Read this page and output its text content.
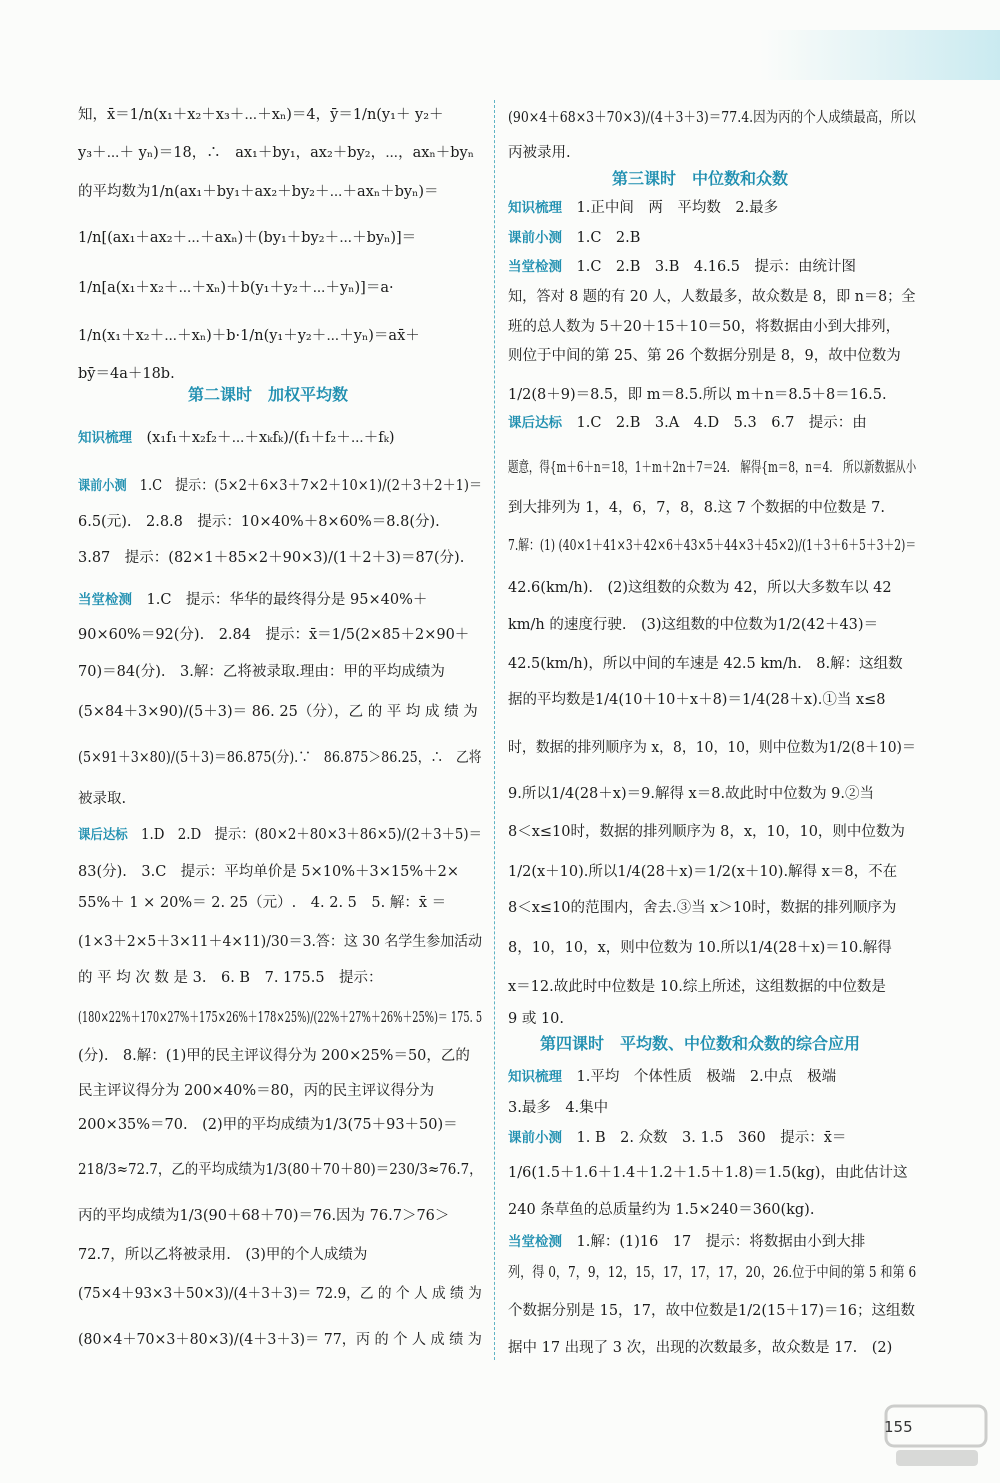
知，x̄＝1/n(x₁＋x₂＋x₃＋⋯＋xₙ)＝4，ȳ＝1/n(y₁＋ y₂＋
y₃＋⋯＋ yₙ)＝18，∴　ax₁＋by₁，ax₂＋by₂，⋯，axₙ＋byₙ
的平均数为1/n(ax₁＋by₁＋ax₂＋by₂＋⋯＋axₙ＋byₙ)＝
1/n[(ax₁＋ax₂＋⋯＋axₙ)＋(by₁＋by₂＋⋯＋byₙ)]＝
1/n[a(x₁＋x₂＋⋯＋xₙ)＋b(y₁＋y₂＋⋯＋yₙ)]＝a·
1/n(x₁＋x₂＋⋯＋xₙ)＋b·1/n(y₁＋y₂＋⋯＋yₙ)＝ax̄＋
bȳ＝4a＋18b.
知识梳理　(x₁f₁＋x₂f₂＋⋯＋xₖfₖ)/(f₁＋f₂＋⋯＋fₖ)
课前小测　1.C　提示：(5×2＋6×3＋7×2＋10×1)/(2＋3＋2＋1)＝
6.5(元).　2.8.8　提示：10×40%＋8×60%＝8.8(分).
3.87　提示：(82×1＋85×2＋90×3)/(1＋2＋3)＝87(分).
当堂检测　1.C　提示：华华的最终得分是 95×40%＋
90×60%＝92(分).　2.84　提示：x̄＝1/5(2×85＋2×90＋
70)＝84(分).　3.解：乙将被录取.理由：甲的平均成绩为
(5×84＋3×90)/(5＋3)＝ 86. 25（分），乙 的 平 均 成 绩 为
(5×91＋3×80)/(5＋3)＝86.875(分).∵　86.875＞86.25，∴　乙将
被录取.
课后达标　1.D　2.D　提示：(80×2＋80×3＋86×5)/(2＋3＋5)＝
83(分).　3.C　提示：平均单价是 5×10%＋3×15%＋2×
55%＋ 1 × 20%＝ 2. 25（元）.　4. 2. 5　5. 解：x̄ ＝
(1×3＋2×5＋3×11＋4×11)/30＝3.答：这 30 名学生参加活动
的 平 均 次 数 是 3.　6. B　7. 175.5　提示：
(180×22%＋170×27%＋175×26%＋178×25%)/(22%＋27%＋26%＋25%)＝ 175. 5
(分).　8.解：(1)甲的民主评议得分为 200×25%＝50，乙的
民主评议得分为 200×40%＝80，丙的民主评议得分为
200×35%＝70.　(2)甲的平均成绩为1/3(75＋93＋50)＝
218/3≈72.7，乙的平均成绩为1/3(80＋70＋80)＝230/3≈76.7，
丙的平均成绩为1/3(90＋68＋70)＝76.因为 76.7＞76＞
72.7，所以乙将被录用.　(3)甲的个人成绩为
(75×4＋93×3＋50×3)/(4＋3＋3)＝ 72.9，乙 的 个 人 成 绩 为
(80×4＋70×3＋80×3)/(4＋3＋3)＝ 77，丙 的 个 人 成 绩 为
(90×4＋68×3＋70×3)/(4＋3＋3)＝77.4.因为丙的个人成绩最高，所以
丙被录用.
知识梳理　1.正中间　两　平均数　2.最多
课前小测　1.C　2.B
当堂检测　1.C　2.B　3.B　4.16.5　提示：由统计图
知，答对 8 题的有 20 人，人数最多，故众数是 8，即 n＝8；全
班的总人数为 5＋20＋15＋10＝50，将数据由小到大排列，
则位于中间的第 25、第 26 个数据分别是 8，9，故中位数为
1/2(8＋9)＝8.5，即 m＝8.5.所以 m＋n＝8.5＋8＝16.5.
课后达标　1.C　2.B　3.A　4.D　5.3　6.7　提示：由
题意，得{m＋6＋n＝18，1＋m＋2n＋7＝24.　解得{m＝8，n＝4.　所以新数据从小
到大排列为 1，4，6，7，8，8.这 7 个数据的中位数是 7.
7.解：(1) (40×1＋41×3＋42×6＋43×5＋44×3＋45×2)/(1＋3＋6＋5＋3＋2)＝
42.6(km/h).　(2)这组数的众数为 42，所以大多数车以 42
km/h 的速度行驶.　(3)这组数的中位数为1/2(42＋43)＝
42.5(km/h)，所以中间的车速是 42.5 km/h.　8.解：这组数
据的平均数是1/4(10＋10＋x＋8)＝1/4(28＋x).①当 x≤8
时，数据的排列顺序为 x，8，10，10，则中位数为1/2(8＋10)＝
9.所以1/4(28＋x)＝9.解得 x＝8.故此时中位数为 9.②当
8＜x≤10时，数据的排列顺序为 8，x，10，10，则中位数为
1/2(x＋10).所以1/4(28＋x)＝1/2(x＋10).解得 x＝8，不在
8＜x≤10的范围内，舍去.③当 x＞10时，数据的排列顺序为
8，10，10，x，则中位数为 10.所以1/4(28＋x)＝10.解得
x＝12.故此时中位数是 10.综上所述，这组数据的中位数是
9 或 10.
知识梳理　1.平均　个体性质　极端　2.中点　极端
3.最多　4.集中
课前小测　1. B　2. 众数　3. 1.5　360　提示：x̄＝
1/6(1.5＋1.6＋1.4＋1.2＋1.5＋1.8)＝1.5(kg)，由此估计这
240 条草鱼的总质量约为 1.5×240＝360(kg).
当堂检测　1.解：(1)16　17　提示：将数据由小到大排
列，得 0，7，9，12，15，17，17，17，20，26.位于中间的第 5 和第 6
个数据分别是 15，17，故中位数是1/2(15＋17)＝16；这组数
据中 17 出现了 3 次，出现的次数最多，故众数是 17.　(2)
第二课时　加权平均数
第三课时　中位数和众数
第四课时　平均数、中位数和众数的综合应用
155
